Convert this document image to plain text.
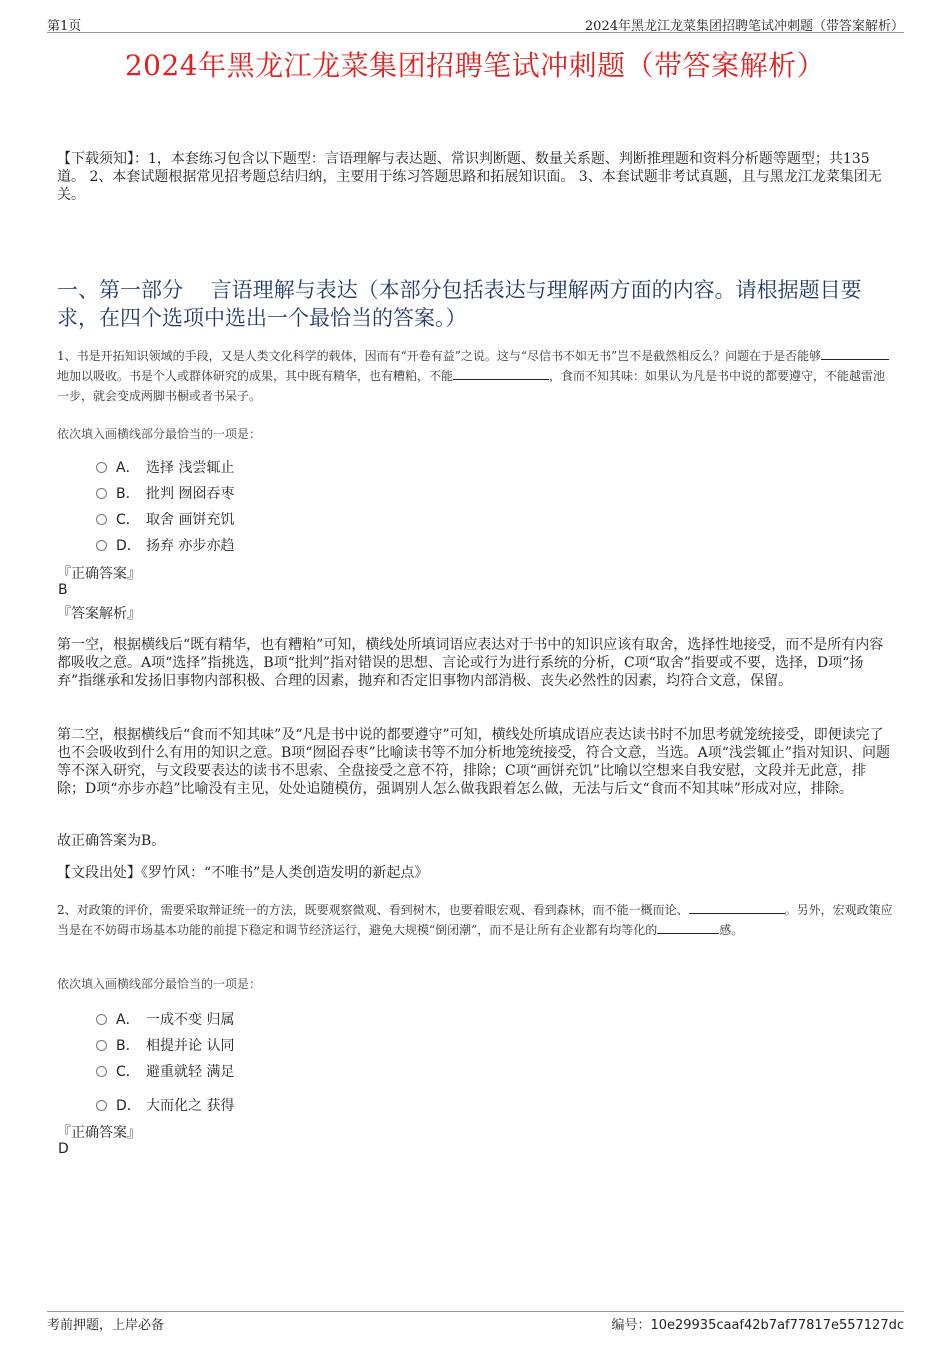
第1页	2024年黑龙江龙菜集团招聘笔试冲刺题（带答案解析）
2024年黑龙江龙菜集团招聘笔试冲刺题（带答案解析）
【下载须知】：1，本套练习包含以下题型：言语理解与表达题、常识判断题、数量关系题、判断推理题和资料分析题等题型；共135道。 2、本套试题根据常见招考题总结归纳，主要用于练习答题思路和拓展知识面。 3、本套试题非考试真题，且与黑龙江龙菜集团无关。
一、第一部分　 言语理解与表达（本部分包括表达与理解两方面的内容。请根据题目要求，在四个选项中选出一个最恰当的答案。）
1、书是开拓知识领域的手段，又是人类文化科学的载体，因而有“开卷有益”之说。这与“尽信书不如无书”岂不是截然相反么？问题在于是否能够地加以吸收。书是个人或群体研究的成果，其中既有精华，也有糟粕，不能	，食而不知其味：如果认为凡是书中说的都要遵守，不能越雷池一步，就会变成两脚书橱或者书呆子。
依次填入画横线部分最恰当的一项是：
A． 选择 浅尝辄止
B． 批判 囫囵吞枣
C． 取舍 画饼充饥
D． 扬弃 亦步亦趋
『正确答案』
B
『答案解析』
第一空，根据横线后“既有精华，也有糟粕”可知，横线处所填词语应表达对于书中的知识应该有取舍，选择性地接受，而不是所有内容都吸收之意。A项“选择”指挑选，B项“批判”指对错误的思想、言论或行为进行系统的分析，C项“取舍”指要或不要，选择，D项“扬弃”指继承和发扬旧事物内部积极、合理的因素，抛弃和否定旧事物内部消极、丧失必然性的因素，均符合文意，保留。
第二空，根据横线后“食而不知其味”及“凡是书中说的都要遵守”可知，横线处所填成语应表达读书时不加思考就笼统接受，即便读完了也不会吸收到什么有用的知识之意。B项“囫囵吞枣”比喻读书等不加分析地笼统接受，符合文意，当选。A项“浅尝辄止”指对知识、问题等不深入研究，与文段要表达的读书不思索、全盘接受之意不符，排除；C项“画饼充饥”比喻以空想来自我安慰，文段并无此意，排除；D项“亦步亦趋”比喻没有主见，处处追随模仿，强调别人怎么做我跟着怎么做，无法与后文“食而不知其味”形成对应，排除。
故正确答案为B。
【文段出处】《罗竹风：“不唯书”是人类创造发明的新起点》
2、对政策的评价，需要采取辩证统一的方法，既要观察微观、看到树木，也要着眼宏观、看到森林，而不能一概而论、	。另外，宏观政策应当是在不妨碍市场基本功能的前提下稳定和调节经济运行，避免大规模“倒闭潮”，而不是让所有企业都有均等化的	感。
依次填入画横线部分最恰当的一项是：
A． 一成不变 归属
B． 相提并论 认同
C． 避重就轻 满足
D． 大而化之 获得
『正确答案』
D
考前押题，上岸必备	编号：10e29935caaf42b7af77817e557127dc
